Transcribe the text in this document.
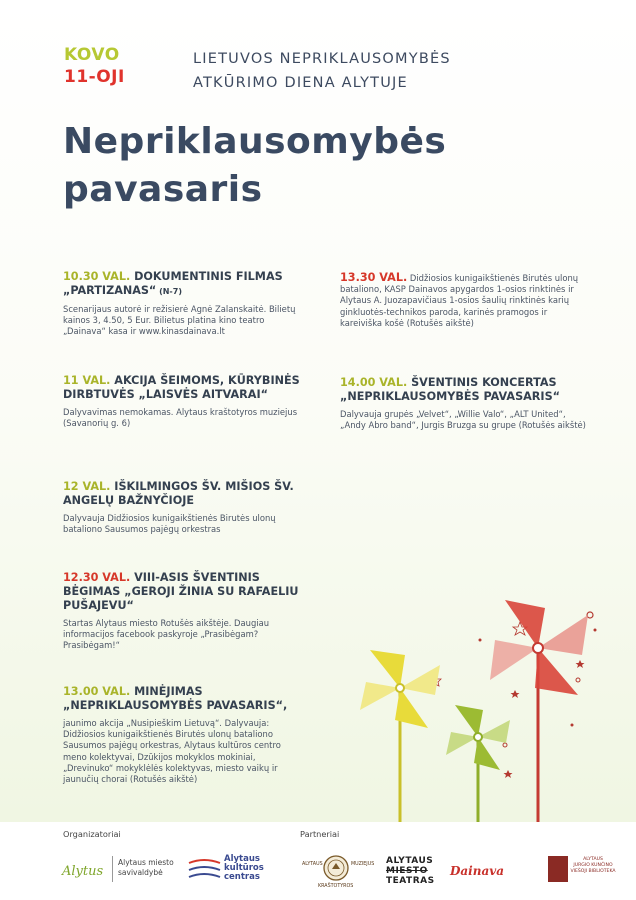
KOVO
11-OJI
LIETUVOS NEPRIKLAUSOMYBĖS
ATKŪRIMO DIENA ALYTUJE
Nepriklausomybės
pavasaris
10.30 VAL. DOKUMENTINIS FILMAS „PARTIZANAS“ (N-7)

Scenarijaus autorė ir režisierė Agnė Zalanskaitė. Bilietų kainos 3, 4.50, 5 Eur. Bilietus platina kino teatro „Dainava“ kasa ir www.kinasdainava.lt

11 VAL. AKCIJA ŠEIMOMS, KŪRYBINĖS DIRBTUVĖS „LAISVĖS AITVARAI“

Dalyvavimas nemokamas. Alytaus kraštotyros muziejus (Savanorių g. 6)

12 VAL. IŠKILMINGOS ŠV. MIŠIOS ŠV. ANGELŲ BAŽNYČIOJE

Dalyvauja Didžiosios kunigaikštienės Birutės ulonų batalionо Sausumos pajėgų orkestras

12.30 VAL. VIII-ASIS ŠVENTINIS BĖGIMAS „GEROJI ŽINIA SU RAFAELIU PUŠAJEVU“

Startas Alytaus miesto Rotušės aikštėje. Daugiau informacijos facebook paskyroje „Prasibėgam? Prasibėgam!“

13.00 VAL. MINĖJIMAS „NEPRIKLAUSOMYBĖS PAVASARIS“,

jaunimo akcija „Nusipieškim Lietuvą“. Dalyvauja: Didžiosios kunigaikštienės Birutės ulonų bataliono Sausumos pajėgų orkestras, Alytaus kultūros centro meno kolektyvai, Dzūkijos mokyklos mokiniai, „Drevinuko“ mokyklėlės kolektyvas, miesto vaikų ir jaunučių chorai (Rotušės aikštė)

13.30 VAL. Didžiosios kunigaikštienės Birutės ulonų bataliono, KASP Dainavos apygardos 1-osios rinktinės ir Alytaus A. Juozapavičiaus 1-osios šaulių rinktinės karių ginkluotės-technikos paroda, karinės pramogos ir kareiviška košė (Rotušės aikštė)

14.00 VAL. ŠVENTINIS KONCERTAS „NEPRIKLAUSOMYBĖS PAVASARIS“

Dalyvauja grupės „Velvet“, „Willie Valo“, „ALT United“, „Andy Abro band“, Jurgis Bruzga su grupe (Rotušės aikštė)

Organizatoriai	Partneriai
Alytus
Alytaus miesto
savivaldybė
Alytaus
kultūros
centras
ALYTAUS	MUZIEJUS
KRAŠTOTYROS
ALYTAUS
MIESTO
TEATRAS
Dainava
ALYTAUS
JURGIO KUNČINO
VIEŠOJI BIBLIOTEKA
